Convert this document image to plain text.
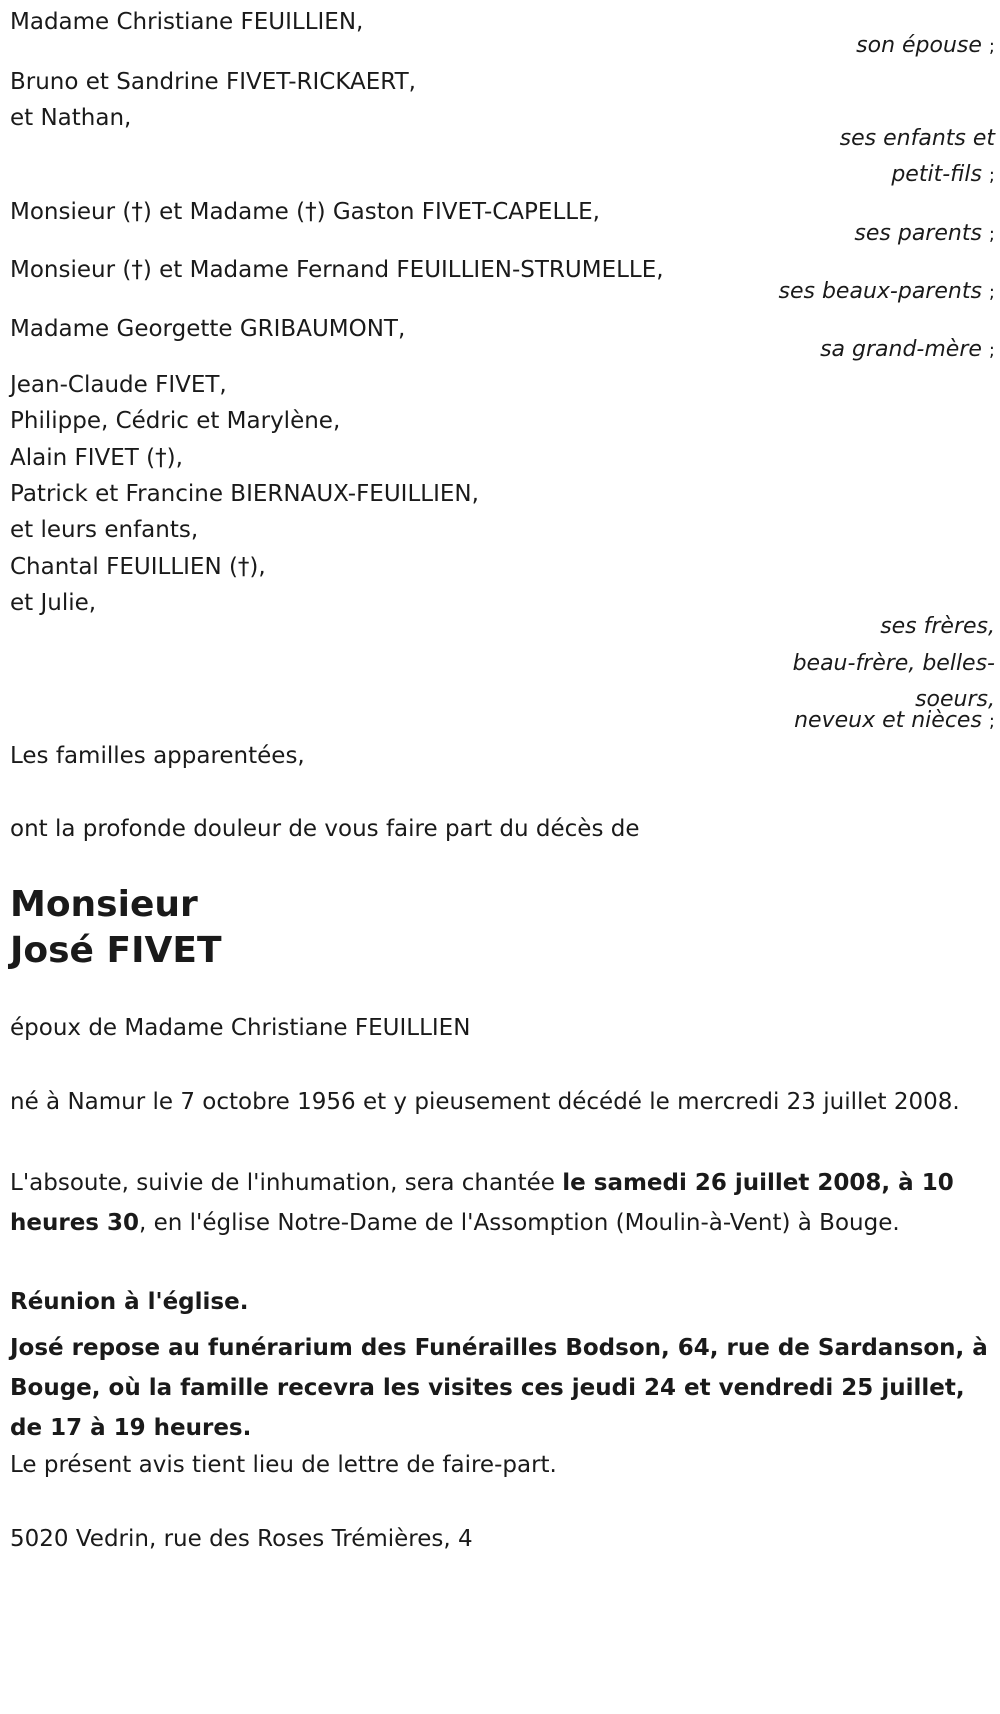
Madame Christiane FEUILLIEN,
son épouse ;
Bruno et Sandrine FIVET-RICKAERT,
et Nathan,
ses enfants et
petit-fils ;
Monsieur (†) et Madame (†) Gaston FIVET-CAPELLE,
ses parents ;
Monsieur (†) et Madame Fernand FEUILLIEN-STRUMELLE,
ses beaux-parents ;
Madame Georgette GRIBAUMONT,
sa grand-mère ;
Jean-Claude FIVET,
Philippe, Cédric et Marylène,
Alain FIVET (†),
Patrick et Francine BIERNAUX-FEUILLIEN,
et leurs enfants,
Chantal FEUILLIEN (†),
et Julie,
ses frères,
beau-frère, belles-
soeurs,
neveux et nièces ;
Les familles apparentées,
ont la profonde douleur de vous faire part du décès de
Monsieur
José FIVET
époux de Madame Christiane FEUILLIEN
né à Namur le 7 octobre 1956 et y pieusement décédé le mercredi 23 juillet 2008.
L'absoute, suivie de l'inhumation, sera chantée le samedi 26 juillet 2008, à 10 heures 30, en l'église Notre-Dame de l'Assomption (Moulin-à-Vent) à Bouge.
Réunion à l'église.
José repose au funérarium des Funérailles Bodson, 64, rue de Sardanson, à Bouge, où la famille recevra les visites ces jeudi 24 et vendredi 25 juillet, de 17 à 19 heures.
Le présent avis tient lieu de lettre de faire-part.
5020 Vedrin, rue des Roses Trémières, 4
